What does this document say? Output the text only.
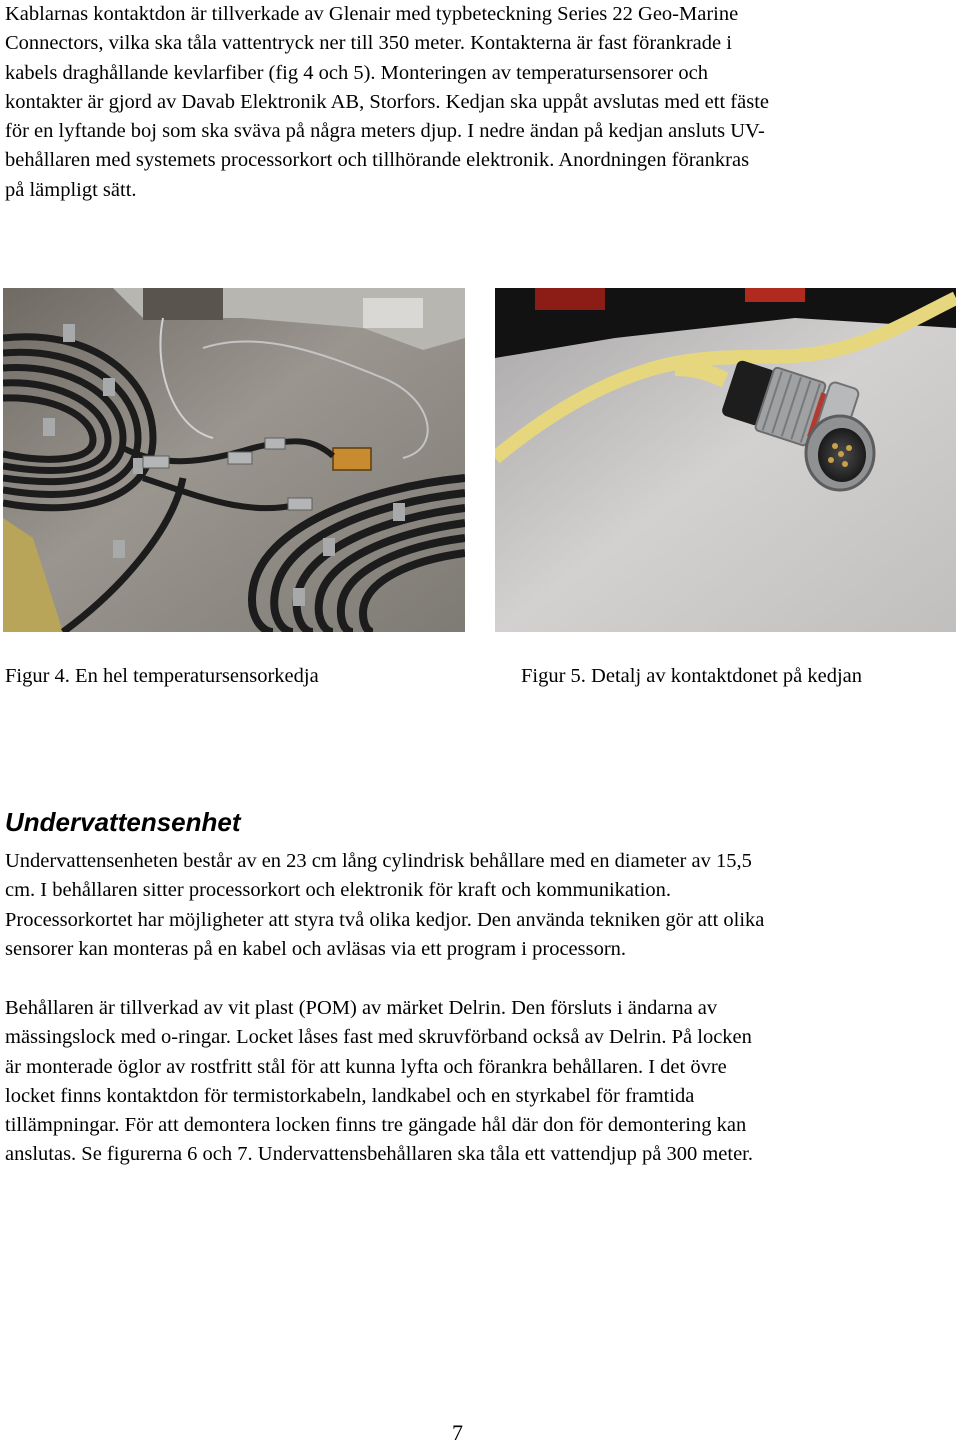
Kablarnas kontaktdon är tillverkade av Glenair med typbeteckning Series 22 Geo-Marine
Connectors, vilka ska tåla vattentryck ner till 350 meter. Kontakterna är fast förankrade i
kabels draghållande kevlarfiber (fig 4 och 5). Monteringen av temperatursensorer och
kontakter är gjord av Davab Elektronik AB, Storfors. Kedjan ska uppåt avslutas med ett fäste
för en lyftande boj som ska sväva på några meters djup. I nedre ändan på kedjan ansluts UV-
behållaren med systemets processorkort och tillhörande elektronik. Anordningen förankras
på lämpligt sätt.
Figur 4. En hel temperatursensorkedja	Figur 5. Detalj av kontaktdonet på kedjan
Undervattensenhet
Undervattensenheten består av en 23 cm lång cylindrisk behållare med en diameter av 15,5
cm. I behållaren sitter processorkort och elektronik för kraft och kommunikation.
Processorkortet har möjligheter att styra två olika kedjor. Den använda tekniken gör att olika
sensorer kan monteras på en kabel och avläsas via ett program i processorn.
Behållaren är tillverkad av vit plast (POM) av märket Delrin. Den försluts i ändarna av
mässingslock med o-ringar. Locket låses fast med skruvförband också av Delrin. På locken
är monterade öglor av rostfritt stål för att kunna lyfta och förankra behållaren. I det övre
locket finns kontaktdon för termistorkabeln, landkabel och en styrkabel för framtida
tillämpningar. För att demontera locken finns tre gängade hål där don för demontering kan
anslutas. Se figurerna 6 och 7. Undervattensbehållaren ska tåla ett vattendjup på 300 meter.
7
